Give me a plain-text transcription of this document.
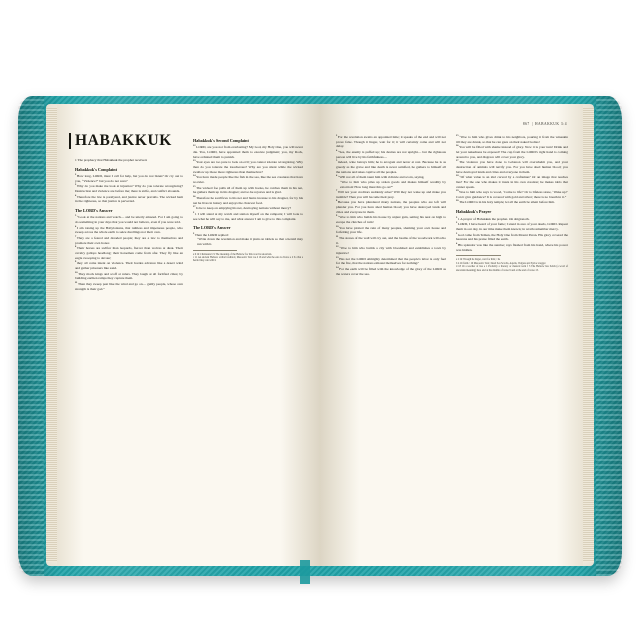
HABAKKUK

1 The prophecy that Habakkuk the prophet received.

Habakkuk's Complaint

$^2$How long, LORD, must I call for help, but you do not listen? Or cry out to you, “Violence!” but you do not save?

$^3$Why do you make me look at injustice? Why do you tolerate wrongdoing? Destruction and violence are before me; there is strife, and conflict abounds.

$^4$Therefore the law is paralyzed, and justice never prevails. The wicked hem in the righteous, so that justice is perverted.

The LORD's Answer

$^5$“Look at the nations and watch— and be utterly amazed. For I am going to do something in your days that you would not believe, even if you were told.

$^6$I am raising up the Babylonians, that ruthless and impetuous people, who sweep across the whole earth to seize dwellings not their own.

$^7$They are a feared and dreaded people; they are a law to themselves and promote their own honor.

$^8$Their horses are swifter than leopards, fiercer than wolves at dusk. Their cavalry gallops headlong; their horsemen come from afar. They fly like an eagle swooping to devour;

$^9$they all come intent on violence. Their hordes advance like a desert wind and gather prisoners like sand.

$^{10}$They mock kings and scoff at rulers. They laugh at all fortified cities; by building earthen ramps they capture them.

$^{11}$Then they sweep past like the wind and go on— guilty people, whose own strength is their god.”

Habakkuk's Second Complaint

$^{12}$LORD, are you not from everlasting? My God, my Holy One, you will never die. You, LORD, have appointed them to execute judgment; you, my Rock, have ordained them to punish.

$^{13}$Your eyes are too pure to look on evil; you cannot tolerate wrongdoing. Why then do you tolerate the treacherous? Why are you silent while the wicked swallow up those more righteous than themselves?

$^{14}$You have made people like the fish in the sea, like the sea creatures that have no ruler.

$^{15}$The wicked foe pulls all of them up with hooks, he catches them in his net, he gathers them up in his dragnet; and so he rejoices and is glad.

$^{16}$Therefore he sacrifices to his net and burns incense to his dragnet, for by his net he lives in luxury and enjoys the choicest food.

$^{17}$Is he to keep on emptying his net, destroying nations without mercy?

$^2$1 I will stand at my watch and station myself on the ramparts; I will look to see what he will say to me, and what answer I am to give to this complaint.

The LORD's Answer

$^2$Then the LORD replied:

“Write down the revelation and make it plain on tablets so that a herald may run with it.

a 6 Or Chaldeans b 9 The meaning of the Hebrew for this word is uncertain.
c 11 An ancient Hebrew scribal tradition; Masoretic Text we d 16 and what he eats is choice e 2 So that a herald may run with it
867 | HABAKKUK 3:4

$^3$For the revelation awaits an appointed time; it speaks of the end and will not prove false. Though it linger, wait for it; it will certainly come and will not delay.

$^4$“See, the enemy is puffed up; his desires are not upright— but the righteous person will live by his faithfulness—

$^5$indeed, wine betrays him; he is arrogant and never at rest. Because he is as greedy as the grave and like death is never satisfied, he gathers to himself all the nations and takes captive all the peoples.

$^6$“Will not all of them taunt him with ridicule and scorn, saying,

“Woe to him who piles up stolen goods and makes himself wealthy by extortion! How long must this go on?”

$^7$Will not your creditors suddenly arise? Will they not wake up and make you tremble? Then you will become their prey.

$^8$Because you have plundered many nations, the peoples who are left will plunder you. For you have shed human blood; you have destroyed lands and cities and everyone in them.

$^9$“Woe to him who builds his house by unjust gain, setting his nest on high to escape the clutches of ruin!

$^{10}$You have plotted the ruin of many peoples, shaming your own house and forfeiting your life.

$^{11}$The stones of the wall will cry out, and the beams of the woodwork will echo it.

$^{12}$“Woe to him who builds a city with bloodshed and establishes a town by injustice!

$^{13}$Has not the LORD Almighty determined that the people's labor is only fuel for the fire, that the nations exhaust themselves for nothing?

$^{14}$For the earth will be filled with the knowledge of the glory of the LORD as the waters cover the sea.

$^{15}$“Woe to him who gives drink to his neighbors, pouring it from the wineskin till they are drunk, so that he can gaze on their naked bodies!

$^{16}$You will be filled with shame instead of glory. Now it is your turn! Drink and let your nakedness be exposed! The cup from the LORD's right hand is coming around to you, and disgrace will cover your glory.

$^{17}$The violence you have done to Lebanon will overwhelm you, and your destruction of animals will terrify you. For you have shed human blood; you have destroyed lands and cities and everyone in them.

$^{18}$“Of what value is an idol carved by a craftsman? Or an image that teaches lies? For the one who makes it trusts in his own creation; he makes idols that cannot speak.

$^{19}$Woe to him who says to wood, ‘Come to life!’ Or to lifeless stone, ‘Wake up!’ Can it give guidance? It is covered with gold and silver; there is no breath in it.”

$^{20}$The LORD is in his holy temple; let all the earth be silent before him.

Habakkuk's Prayer

$^3$1 A prayer of Habakkuk the prophet. On shigionoth.

$^2$LORD, I have heard of your fame; I stand in awe of your deeds, LORD. Repeat them in our day, in our time make them known; in wrath remember mercy.

$^3$God came from Teman, the Holy One from Mount Paran. His glory covered the heavens and his praise filled the earth.

$^4$His splendor was like the sunrise; rays flashed from his hand, where his power was hidden.

a 2 Or Though he linger, wait for him; / he
b 4 Or faith c 16 Masoretic Text; Dead Sea Scrolls, Aquila, Vulgate and Syriac stagger
d 18 Or a teacher of lies e 1 Probably a literary or musical term f 3 The Hebrew has Selah (a word of uncertain meaning) here and at the middle of verse 9 and at the end of verse 13.
